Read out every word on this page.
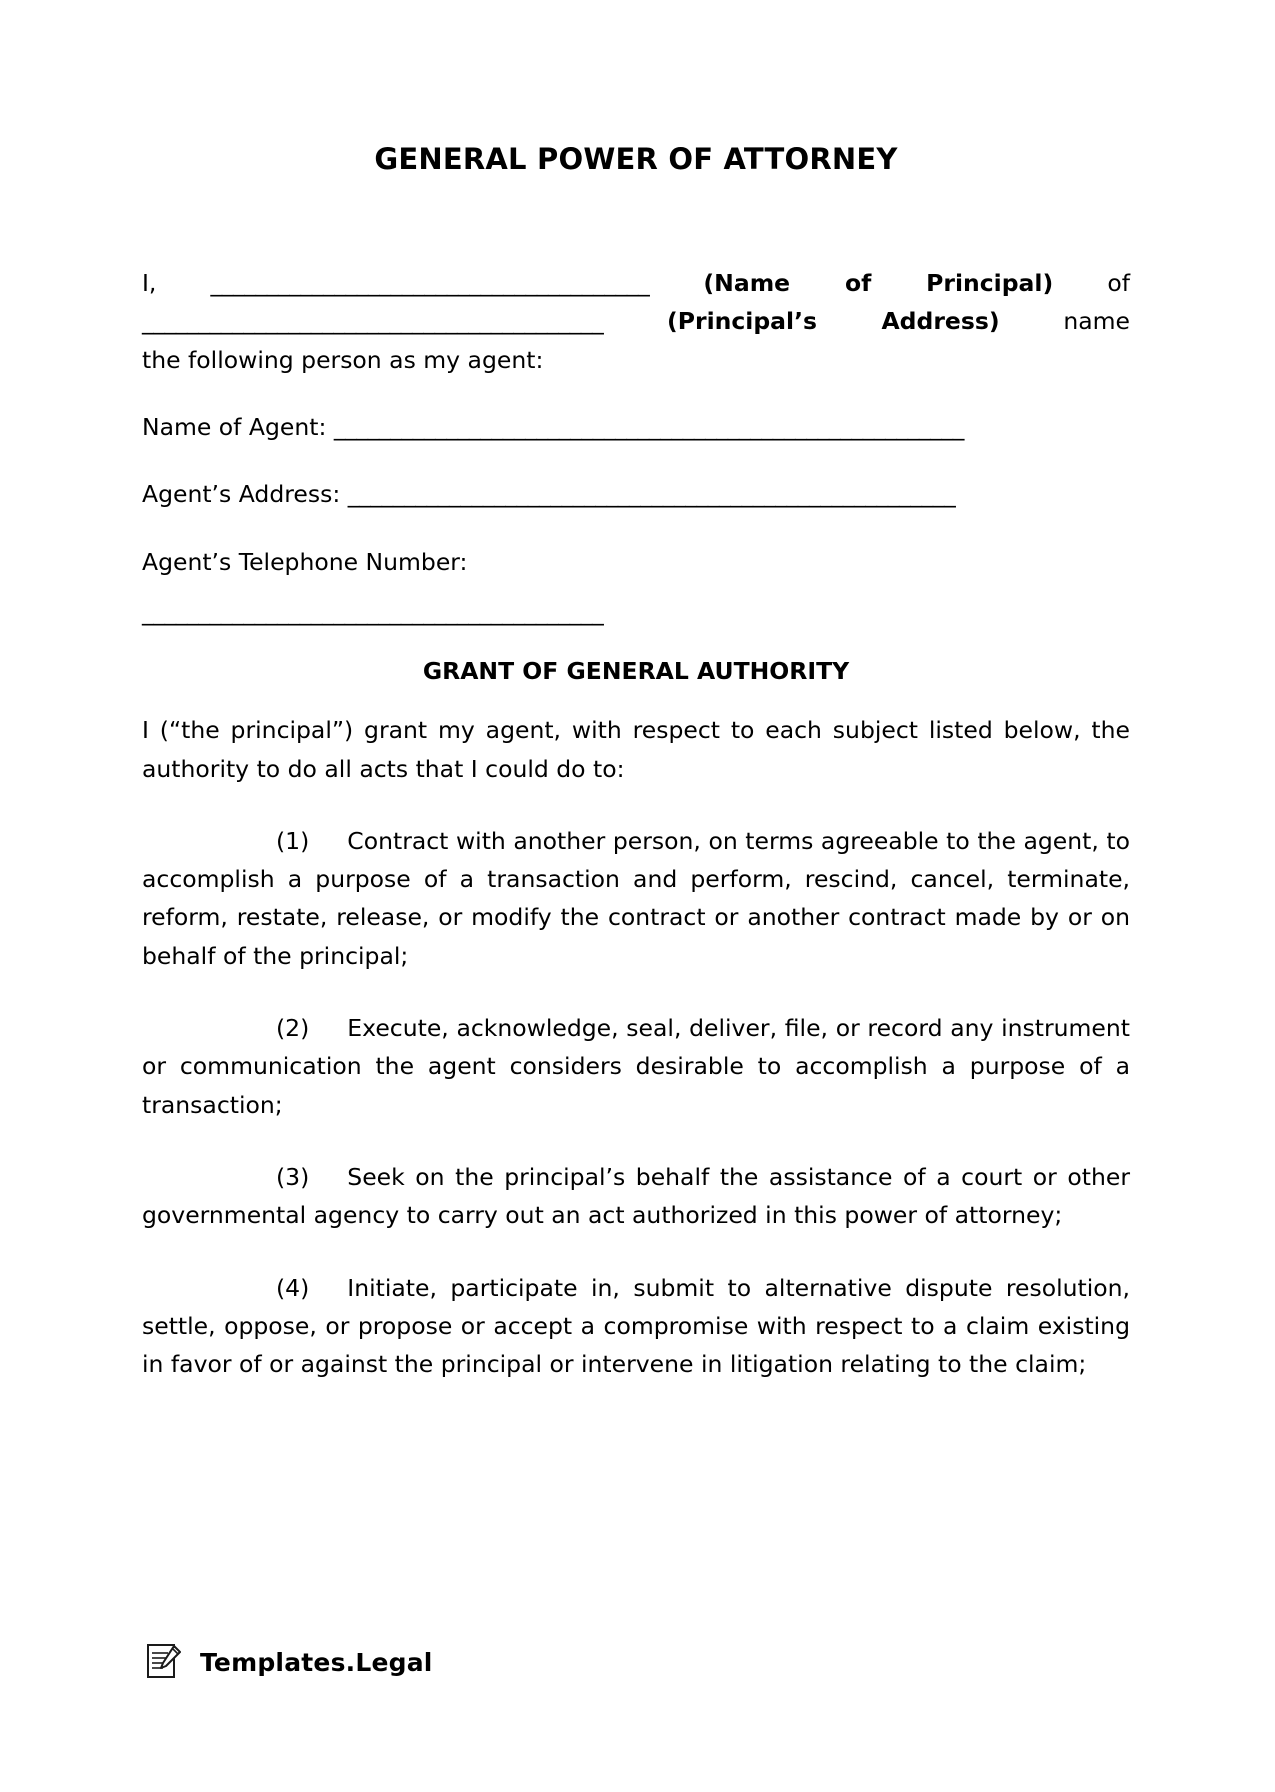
GENERAL POWER OF ATTORNEY
I, _______________________________________ (Name of Principal) of
_________________________________________	(Principal’s Address) name
the following person as my agent:
Name of Agent: ________________________________________________________
Agent’s Address: ______________________________________________________
Agent’s Telephone Number:
_________________________________________
GRANT OF GENERAL AUTHORITY

I (“the principal”) grant my agent, with respect to each subject listed below, the authority to do all acts that I could do to:

(1) Contract with another person, on terms agreeable to the agent, to accomplish a purpose of a transaction and perform, rescind, cancel, terminate, reform, restate, release, or modify the contract or another contract made by or on behalf of the principal;

(2) Execute, acknowledge, seal, deliver, file, or record any instrument or communication the agent considers desirable to accomplish a purpose of a transaction;

(3) Seek on the principal’s behalf the assistance of a court or other governmental agency to carry out an act authorized in this power of attorney;

(4) Initiate, participate in, submit to alternative dispute resolution, settle, oppose, or propose or accept a compromise with respect to a claim existing in favor of or against the principal or intervene in litigation relating to the claim;

Templates.Legal
